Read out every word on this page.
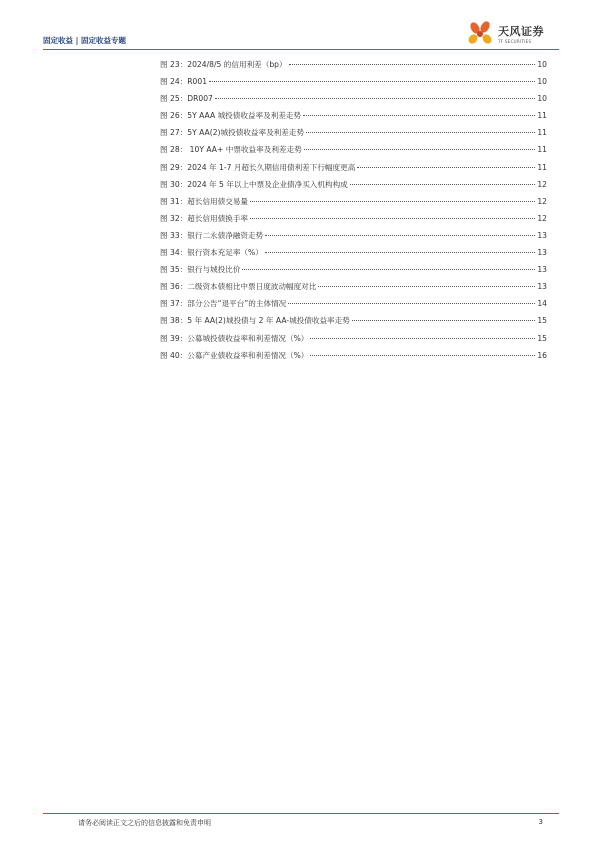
固定收益 | 固定收益专题
天风证券
TF SECURITIES
图 23：2024/8/5 的信用利差（bp）	10
图 24：R001	10
图 25：DR007	10
图 26：5Y AAA 城投债收益率及利差走势	11
图 27：5Y AA(2)城投债收益率及利差走势	11
图 28： 10Y AA+ 中票收益率及利差走势	11
图 29：2024 年 1-7 月超长久期信用债利差下行幅度更高	11
图 30：2024 年 5 年以上中票及企业债净买入机构构成	12
图 31：超长信用债交易量	12
图 32：超长信用债换手率	12
图 33：银行二永债净融资走势	13
图 34：银行资本充足率（%）	13
图 35：银行与城投比价	13
图 36：二级资本债相比中票日度波动幅度对比	13
图 37：部分公告“退平台”的主体情况	14
图 38：5 年 AA(2)城投债与 2 年 AA-城投债收益率走势	15
图 39：公募城投债收益率和利差情况（%）	15
图 40：公募产业债收益率和利差情况（%）	16
请务必阅读正文之后的信息披露和免责申明	3
